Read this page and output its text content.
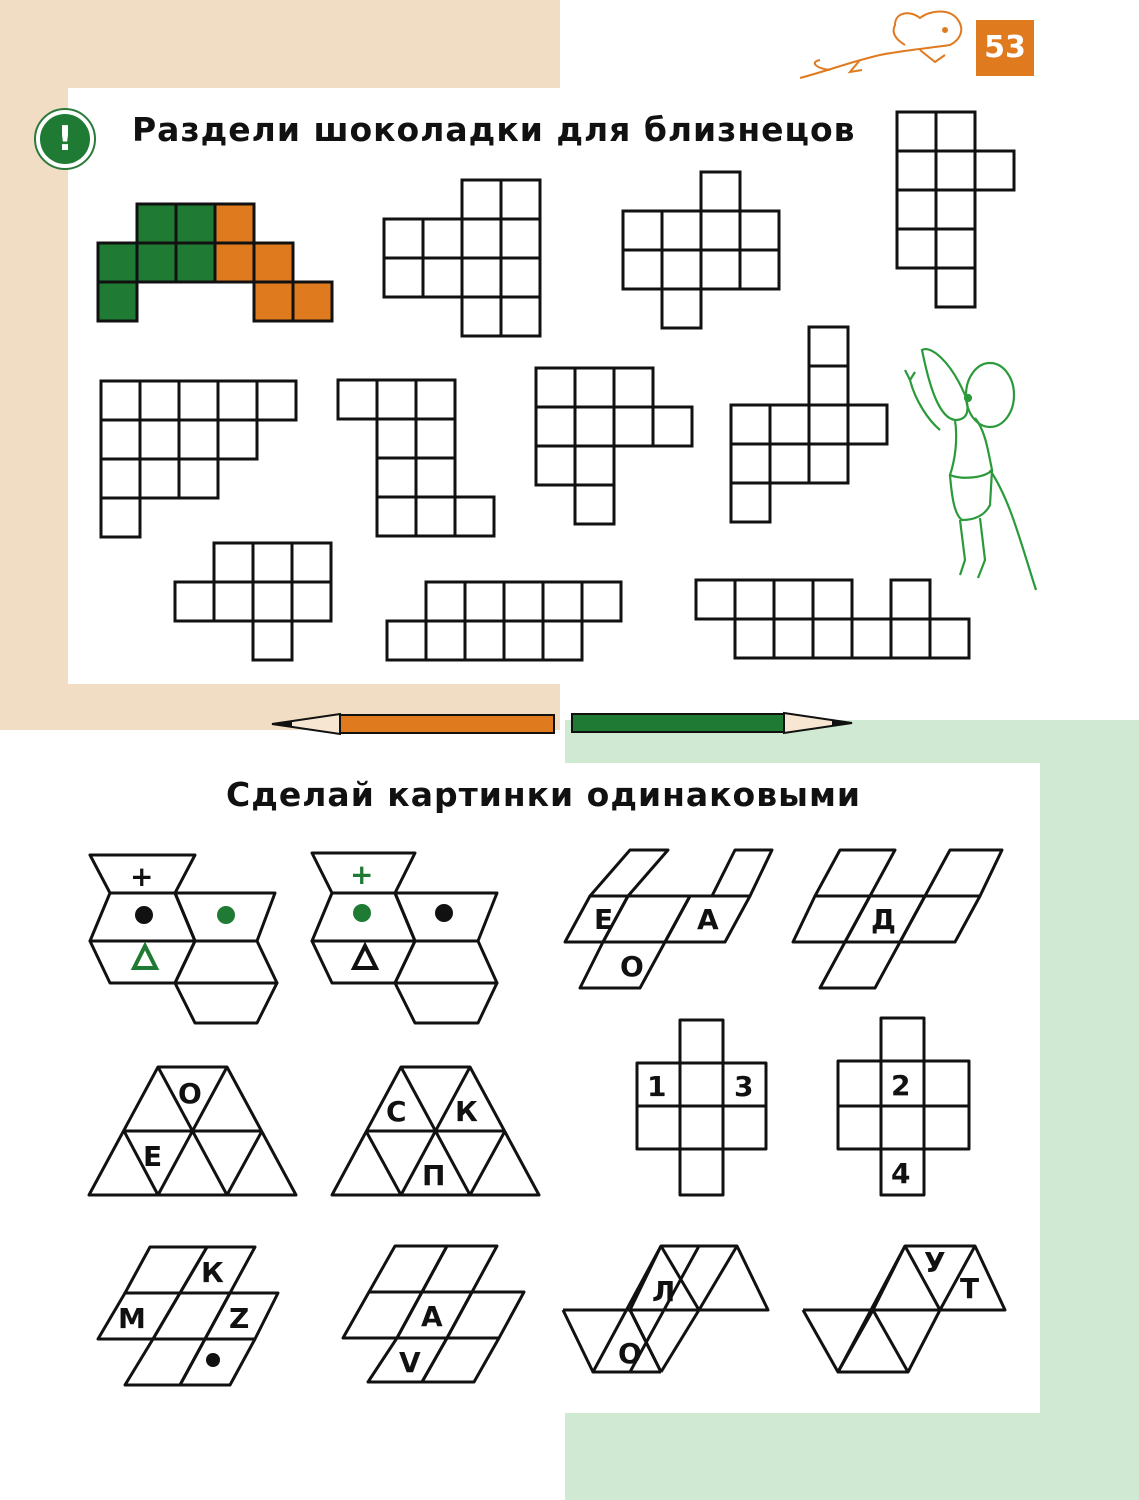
53
!	Раздели шоколадки для близнецов
Сделай картинки одинаковыми
+	+
Е	А
О
Д
О
Е
С К
П
1 3	2
4
К
М	Z	А
V
Л
О
У
Т
